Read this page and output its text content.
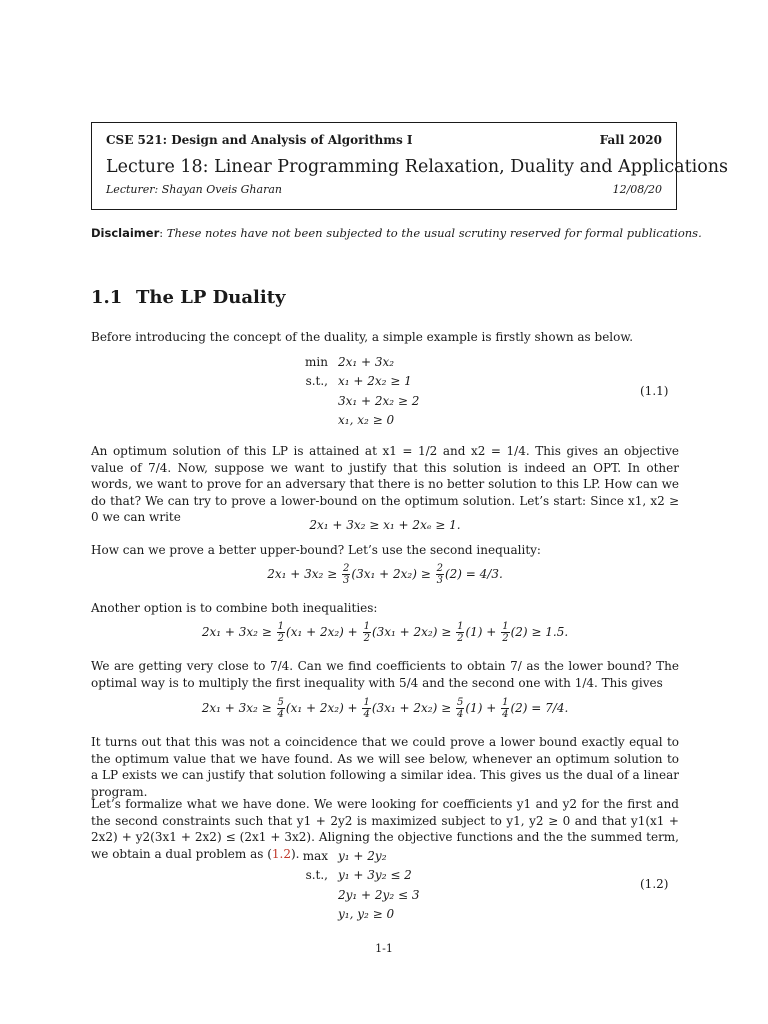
CSE 521: Design and Analysis of Algorithms I	Fall 2020
Lecture 18: Linear Programming Relaxation, Duality and Applications
Lecturer: Shayan Oveis Gharan	12/08/20
Disclaimer: These notes have not been subjected to the usual scrutiny reserved for formal publications.
1.1 The LP Duality
Before introducing the concept of the duality, a simple example is firstly shown as below.
min 2x₁ + 3x₂
s.t., x₁ + 2x₂ ≥ 1
3x₁ + 2x₂ ≥ 2
x₁, x₂ ≥ 0
(1.1)
An optimum solution of this LP is attained at x1 = 1/2 and x2 = 1/4. This gives an objective value of 7/4. Now, suppose we want to justify that this solution is indeed an OPT. In other words, we want to prove for an adversary that there is no better solution to this LP. How can we do that? We can try to prove a lower-bound on the optimum solution. Let’s start: Since x1, x2 ≥ 0 we can write
2x₁ + 3x₂ ≥ x₁ + 2xₑ ≥ 1.
How can we prove a better upper-bound? Let’s use the second inequality:
$2x_1 + 3x_2 \ge \frac{2}{3} (3x_1 + 2x_2) \ge \frac{2}{3} (2) = 4/3$.
Another option is to combine both inequalities:
$2x_1 + 3x_2 \ge \frac{1}{2} (x_1 + 2x_2) + \frac{1}{2} (3x_1 + 2x_2) \ge \frac{1}{2} (1) + \frac{1}{2} (2) \ge 1.5$.
We are getting very close to 7/4. Can we find coefficients to obtain 7/ as the lower bound? The optimal way is to multiply the first inequality with 5/4 and the second one with 1/4. This gives
$2x_1 + 3x_2 \ge \frac{5}{4} (x_1 + 2x_2) + \frac{1}{4} (3x_1 + 2x_2) \ge \frac{5}{4} (1) + \frac{1}{4} (2) = 7/4$.
It turns out that this was not a coincidence that we could prove a lower bound exactly equal to the optimum value that we have found. As we will see below, whenever an optimum solution to a LP exists we can justify that solution following a similar idea. This gives us the dual of a linear program.
Let’s formalize what we have done. We were looking for coefficients y1 and y2 for the first and the second constraints such that y1 + 2y2 is maximized subject to y1, y2 ≥ 0 and that y1(x1 + 2x2) + y2(3x1 + 2x2) ≤ (2x1 + 3x2). Aligning the objective functions and the the summed term, we obtain a dual problem as (1.2). max y₁ + 2y₂
s.t., y₁ + 3y₂ ≤ 2
2y₁ + 2y₂ ≤ 3
y₁, y₂ ≥ 0
(1.2)
1-1
